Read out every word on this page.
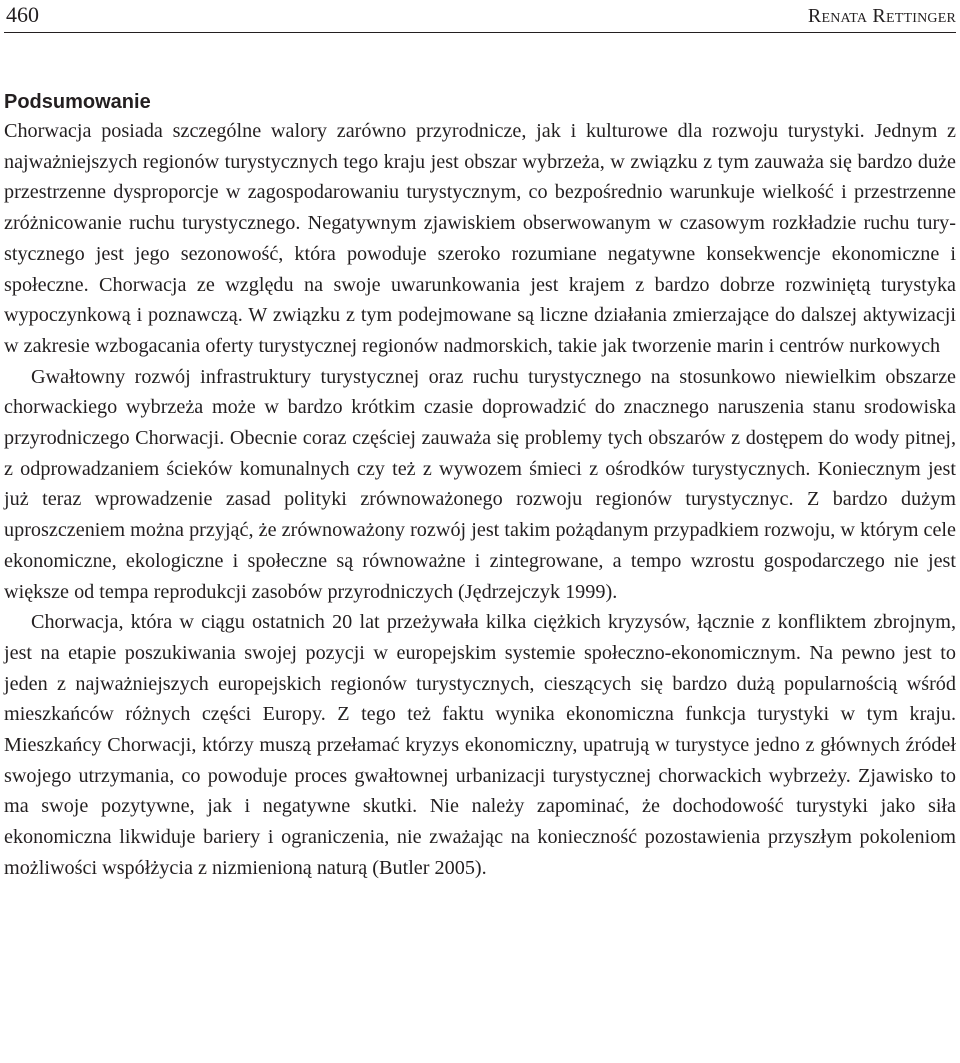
460	Renata Rettinger
Podsumowanie

Chorwacja posiada szczególne walory zarówno przyrodnicze, jak i kulturowe dla rozwoju turystyki. Jednym z najważniejszych regionów turystycznych tego kraju jest obszar wybrzeża, w związku z tym zauważa się bardzo duże przestrzenne dysproporcje w zagospodarowaniu turystycznym, co bezpośrednio warunkuje wielkość i przestrzenne zróżnicowanie ruchu turystycznego. Negatywnym zjawiskiem obserwowanym w czasowym rozkładzie ruchu turystycznego jest jego sezonowość, która powoduje szeroko rozumiane negatywne konsekwencje ekonomiczne i społeczne. Chorwacja ze względu na swoje uwarunkowania jest krajem z bardzo dobrze rozwiniętą turystyka wypoczynkową i poznawczą. W związku z tym podejmowane są liczne działania zmierzające do dalszej aktywizacji w zakresie wzbogacania oferty turystycznej regionów nadmorskich, takie jak tworzenie marin i centrów nurkowych

Gwałtowny rozwój infrastruktury turystycznej oraz ruchu turystycznego na stosunkowo niewielkim obszarze chorwackiego wybrzeża może w bardzo krótkim czasie doprowadzić do znacznego naruszenia stanu srodowiska przyrodniczego Chorwacji. Obecnie coraz częściej zauważa się problemy tych obszarów z dostępem do wody pitnej, z odprowadzaniem ścieków komunalnych czy też z wywozem śmieci z ośrodków turystycznych. Koniecznym jest już teraz wprowadzenie zasad polityki zrównoważonego rozwoju regionów turystycznyc. Z bardzo dużym uproszczeniem można przyjąć, że zrównoważony rozwój jest takim pożądanym przypadkiem rozwoju, w którym cele ekonomiczne, ekologiczne i społeczne są równoważne i zintegrowane, a tempo wzrostu gospodarczego nie jest większe od tempa reprodukcji zasobów przyrodniczych (Jędrzejczyk 1999).

Chorwacja, która w ciągu ostatnich 20 lat przeżywała kilka ciężkich kryzysów, łącznie z konfliktem zbrojnym, jest na etapie poszukiwania swojej pozycji w europejskim systemie społeczno-ekonomicznym. Na pewno jest to jeden z najważniejszych europejskich regionów turystycznych, cieszących się bardzo dużą popularnością wśród mieszkańców różnych części Europy. Z tego też faktu wynika ekonomiczna funkcja turystyki w tym kraju. Mieszkańcy Chorwacji, którzy muszą przełamać kryzys ekonomiczny, upatrują w turystyce jedno z głównych źródeł swojego utrzymania, co powoduje proces gwałtownej urbanizacji turystycznej chorwackich wybrzeży. Zjawisko to ma swoje pozytywne, jak i negatywne skutki. Nie należy zapominać, że dochodowość turystyki jako siła ekonomiczna likwiduje bariery i ograniczenia, nie zważając na konieczność pozostawienia przyszłym pokoleniom możliwości współżycia z nizmienioną naturą (Butler 2005).
